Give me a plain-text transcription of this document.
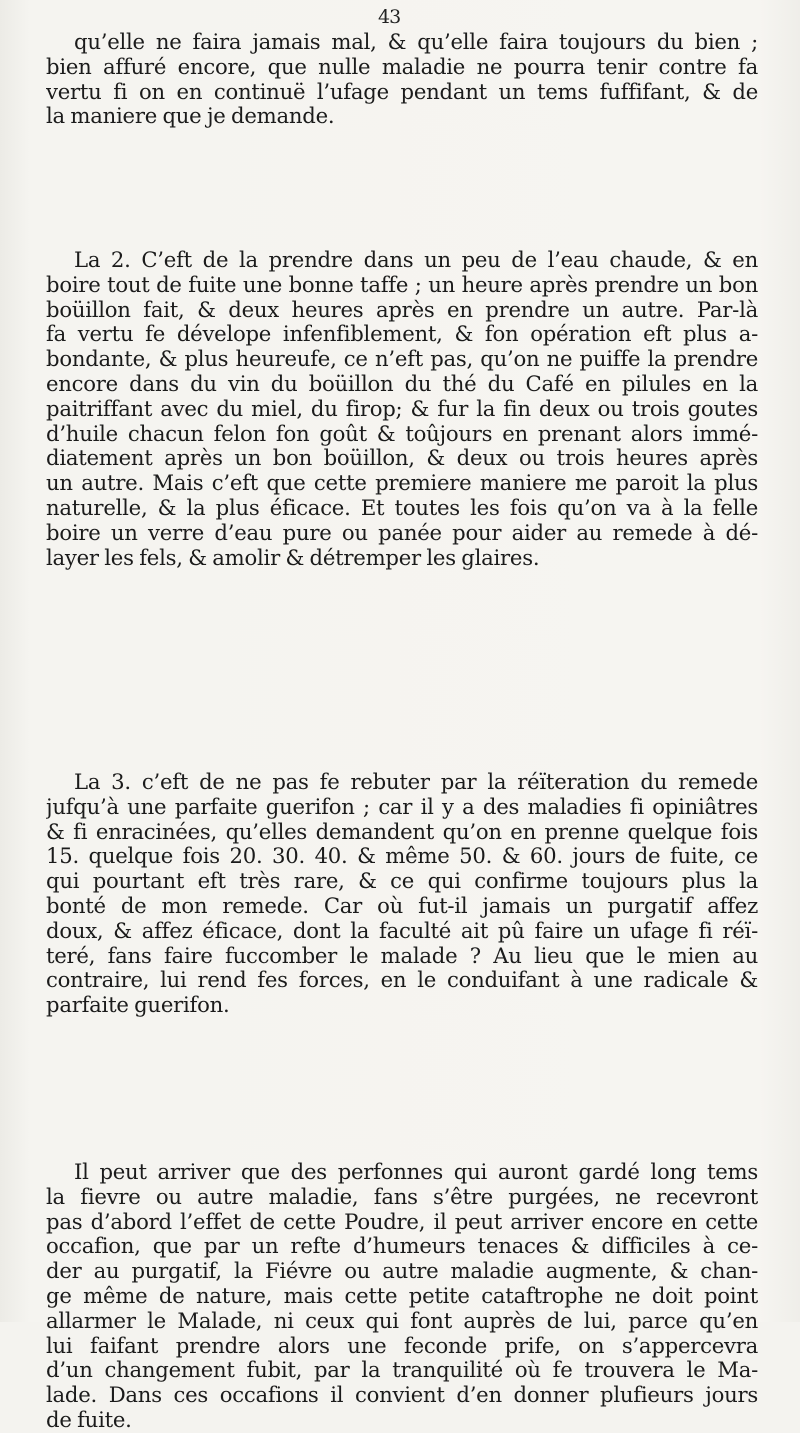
43

qu’elle ne faira jamais mal, & qu’elle faira toujours du bien ;
bien affuré encore, que nulle maladie ne pourra tenir contre fa
vertu fi on en continuë l’ufage pendant un tems fuffifant, & de
la maniere que je demande.

La 2. C’eft de la prendre dans un peu de l’eau chaude, & en
boire tout de fuite une bonne taffe ; un heure après prendre un bon
boüillon fait, & deux heures après en prendre un autre. Par-là
fa vertu fe dévelope infenfiblement, & fon opération eft plus a-
bondante, & plus heureufe, ce n’eft pas, qu’on ne puiffe la prendre
encore dans du vin du boüillon du thé du Café en pilules en la
paitriffant avec du miel, du firop; & fur la fin deux ou trois goutes
d’huile chacun felon fon goût & toûjours en prenant alors immé-
diatement après un bon boüillon, & deux ou trois heures après
un autre. Mais c’eft que cette premiere maniere me paroit la plus
naturelle, & la plus éficace. Et toutes les fois qu’on va à la felle
boire un verre d’eau pure ou panée pour aider au remede à dé-
layer les fels, & amolir & détremper les glaires.

La 3. c’eft de ne pas fe rebuter par la réïteration du remede
jufqu’à une parfaite guerifon ; car il y a des maladies fi opiniâtres
& fi enracinées, qu’elles demandent qu’on en prenne quelque fois
15. quelque fois 20. 30. 40. & même 50. & 60. jours de fuite, ce
qui pourtant eft très rare, & ce qui confirme toujours plus la
bonté de mon remede. Car où fut-il jamais un purgatif affez
doux, & affez éficace, dont la faculté ait pû faire un ufage fi réï-
teré, fans faire fuccomber le malade ? Au lieu que le mien au
contraire, lui rend fes forces, en le conduifant à une radicale &
parfaite guerifon.

Il peut arriver que des perfonnes qui auront gardé long tems
la fievre ou autre maladie, fans s’être purgées, ne recevront
pas d’abord l’effet de cette Poudre, il peut arriver encore en cette
occafion, que par un refte d’humeurs tenaces & difficiles à ce-
der au purgatif, la Fiévre ou autre maladie augmente, & chan-
ge même de nature, mais cette petite cataftrophe ne doit point
allarmer le Malade, ni ceux qui font auprès de lui, parce qu’en
lui faifant prendre alors une feconde prife, on s’appercevra
d’un changement fubit, par la tranquilité où fe trouvera le Ma-
lade. Dans ces occafions il convient d’en donner plufieurs jours
de fuite.
